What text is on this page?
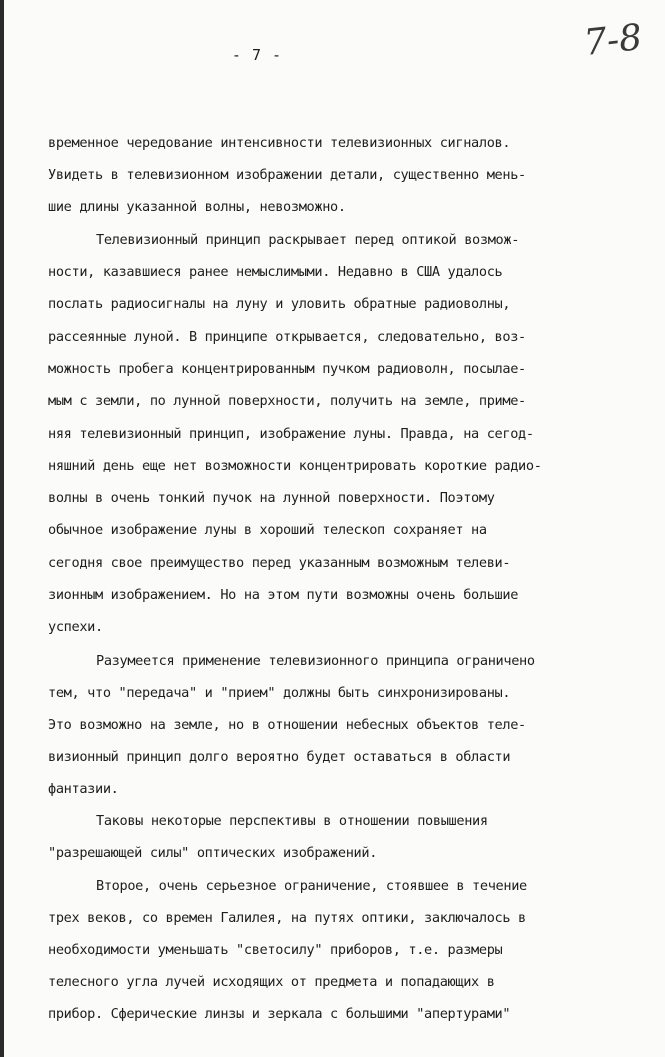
- 7 -	7-8
временное чередование интенсивности телевизионных сигналов.
Увидеть в телевизионном изображении детали, существенно мень-
шие длины указанной волны, невозможно.
Телевизионный принцип раскрывает перед оптикой возмож-
ности, казавшиеся ранее немыслимыми. Недавно в США удалось
послать радиосигналы на луну и уловить обратные радиоволны,
рассеянные луной. В принципе открывается, следовательно, воз-
можность пробега концентрированным пучком радиоволн, посылае-
мым с земли, по лунной поверхности, получить на земле, приме-
няя телевизионный принцип, изображение луны. Правда, на сегод-
няшний день еще нет возможности концентрировать короткие радио-
волны в очень тонкий пучок на лунной поверхности. Поэтому
обычное изображение луны в хороший телескоп сохраняет на
сегодня свое преимущество перед указанным возможным телеви-
зионным изображением. Но на этом пути возможны очень большие
успехи.
Разумеется применение телевизионного принципа ограничено
тем, что "передача" и "прием" должны быть синхронизированы.
Это возможно на земле, но в отношении небесных объектов теле-
визионный принцип долго вероятно будет оставаться в области
фантазии.
Таковы некоторые перспективы в отношении повышения
"разрешающей силы" оптических изображений.
Второе, очень серьезное ограничение, стоявшее в течение
трех веков, со времен Галилея, на путях оптики, заключалось в
необходимости уменьшать "светосилу" приборов, т.е. размеры
телесного угла лучей исходящих от предмета и попадающих в
прибор. Сферические линзы и зеркала с большими "апертурами"
